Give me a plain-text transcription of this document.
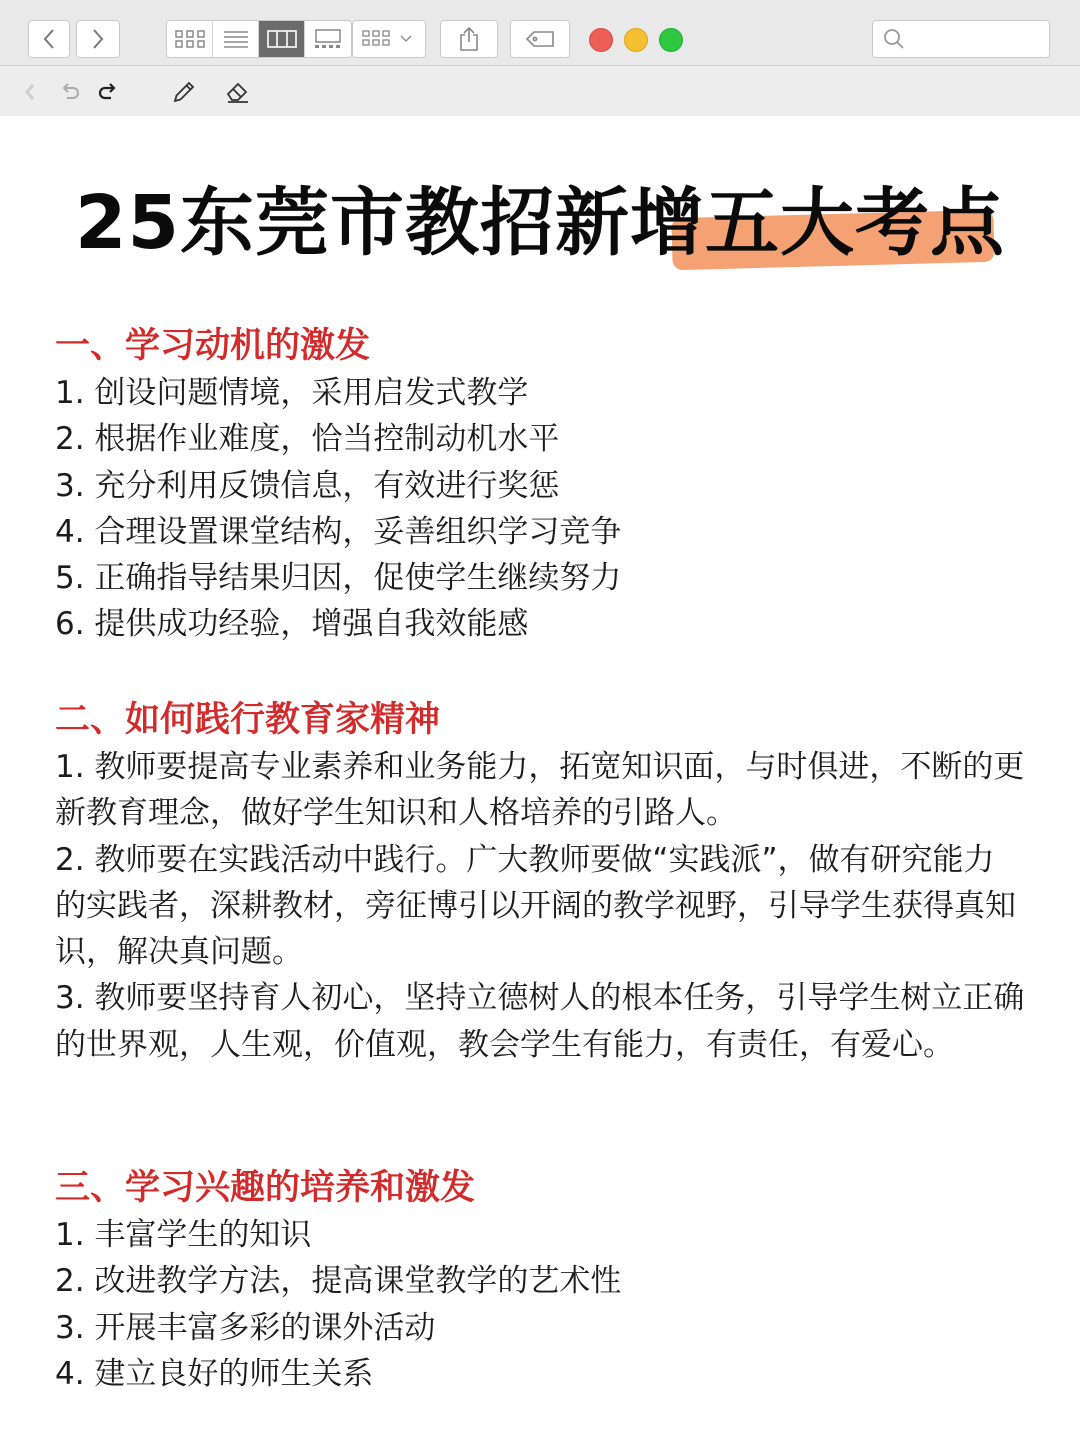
25东莞市教招新增五大考点
一、学习动机的激发
1. 创设问题情境，采用启发式教学
2. 根据作业难度，恰当控制动机水平
3. 充分利用反馈信息，有效进行奖惩
4. 合理设置课堂结构，妥善组织学习竞争
5. 正确指导结果归因，促使学生继续努力
6. 提供成功经验，增强自我效能感
二、如何践行教育家精神
1. 教师要提高专业素养和业务能力，拓宽知识面，与时俱进，不断的更新教育理念，做好学生知识和人格培养的引路人。
2. 教师要在实践活动中践行。广大教师要做“实践派”，做有研究能力的实践者，深耕教材，旁征博引以开阔的教学视野，引导学生获得真知识，解决真问题。
3. 教师要坚持育人初心，坚持立德树人的根本任务，引导学生树立正确的世界观，人生观，价值观，教会学生有能力，有责任，有爱心。
三、学习兴趣的培养和激发
1. 丰富学生的知识
2. 改进教学方法，提高课堂教学的艺术性
3. 开展丰富多彩的课外活动
4. 建立良好的师生关系
